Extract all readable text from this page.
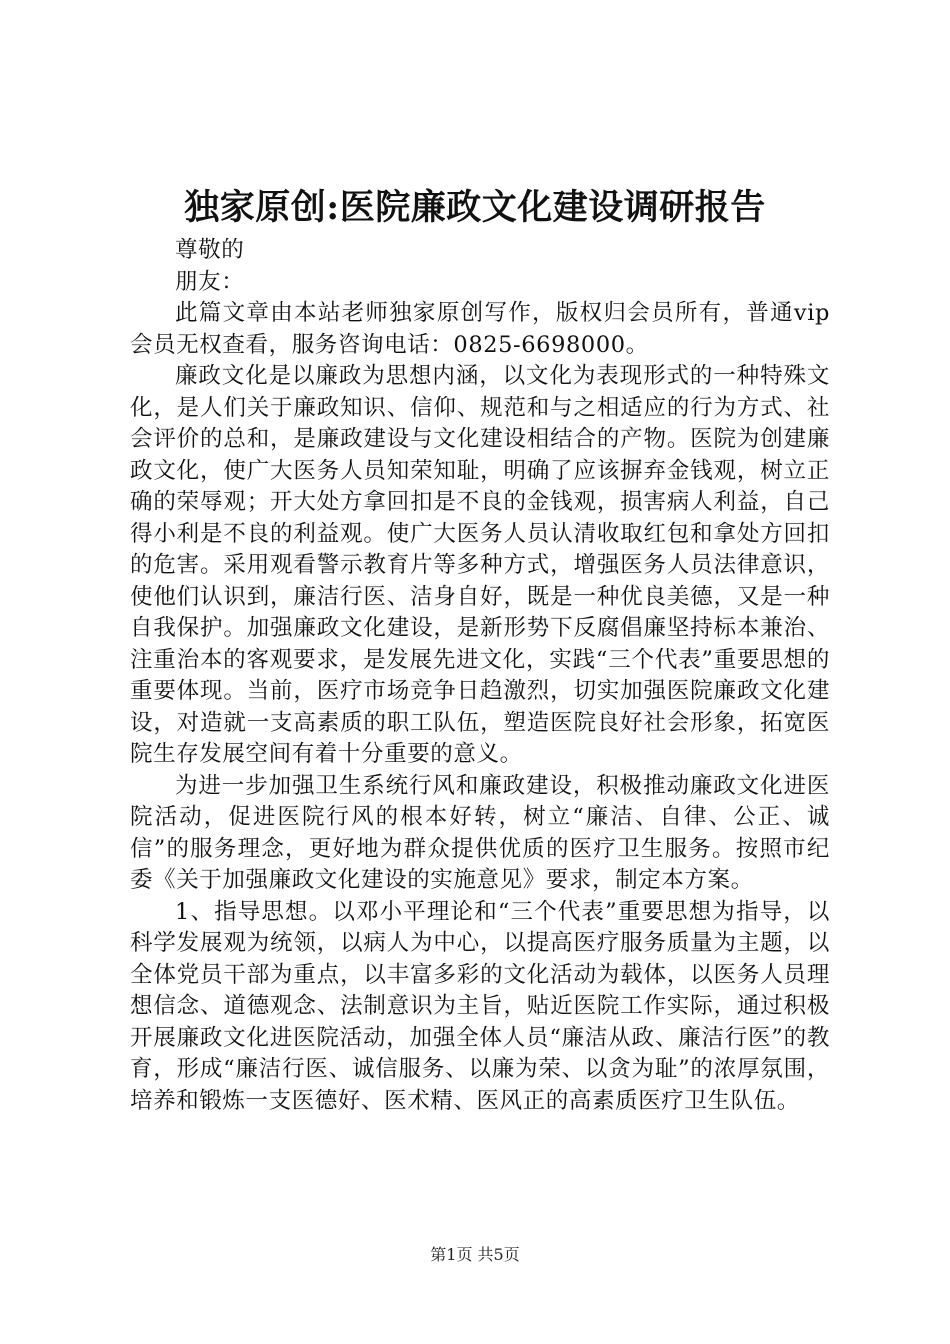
独家原创:医院廉政文化建设调研报告

尊敬的

朋友：

此篇文章由本站老师独家原创写作，版权归会员所有，普通vip会员无权查看，服务咨询电话：0825-6698000。

廉政文化是以廉政为思想内涵，以文化为表现形式的一种特殊文化，是人们关于廉政知识、信仰、规范和与之相适应的行为方式、社会评价的总和，是廉政建设与文化建设相结合的产物。医院为创建廉政文化，使广大医务人员知荣知耻，明确了应该摒弃金钱观，树立正确的荣辱观；开大处方拿回扣是不良的金钱观，损害病人利益，自己得小利是不良的利益观。使广大医务人员认清收取红包和拿处方回扣的危害。采用观看警示教育片等多种方式，增强医务人员法律意识，使他们认识到，廉洁行医、洁身自好，既是一种优良美德，又是一种自我保护。加强廉政文化建设，是新形势下反腐倡廉坚持标本兼治、注重治本的客观要求，是发展先进文化，实践“三个代表”重要思想的重要体现。当前，医疗市场竞争日趋激烈，切实加强医院廉政文化建设，对造就一支高素质的职工队伍，塑造医院良好社会形象，拓宽医院生存发展空间有着十分重要的意义。

为进一步加强卫生系统行风和廉政建设，积极推动廉政文化进医院活动，促进医院行风的根本好转，树立“廉洁、自律、公正、诚信”的服务理念，更好地为群众提供优质的医疗卫生服务。按照市纪委《关于加强廉政文化建设的实施意见》要求，制定本方案。

1、指导思想。以邓小平理论和“三个代表”重要思想为指导，以科学发展观为统领，以病人为中心，以提高医疗服务质量为主题，以全体党员干部为重点，以丰富多彩的文化活动为载体，以医务人员理想信念、道德观念、法制意识为主旨，贴近医院工作实际，通过积极开展廉政文化进医院活动，加强全体人员“廉洁从政、廉洁行医”的教育，形成“廉洁行医、诚信服务、以廉为荣、以贪为耻”的浓厚氛围，培养和锻炼一支医德好、医术精、医风正的高素质医疗卫生队伍。

第1页 共5页
